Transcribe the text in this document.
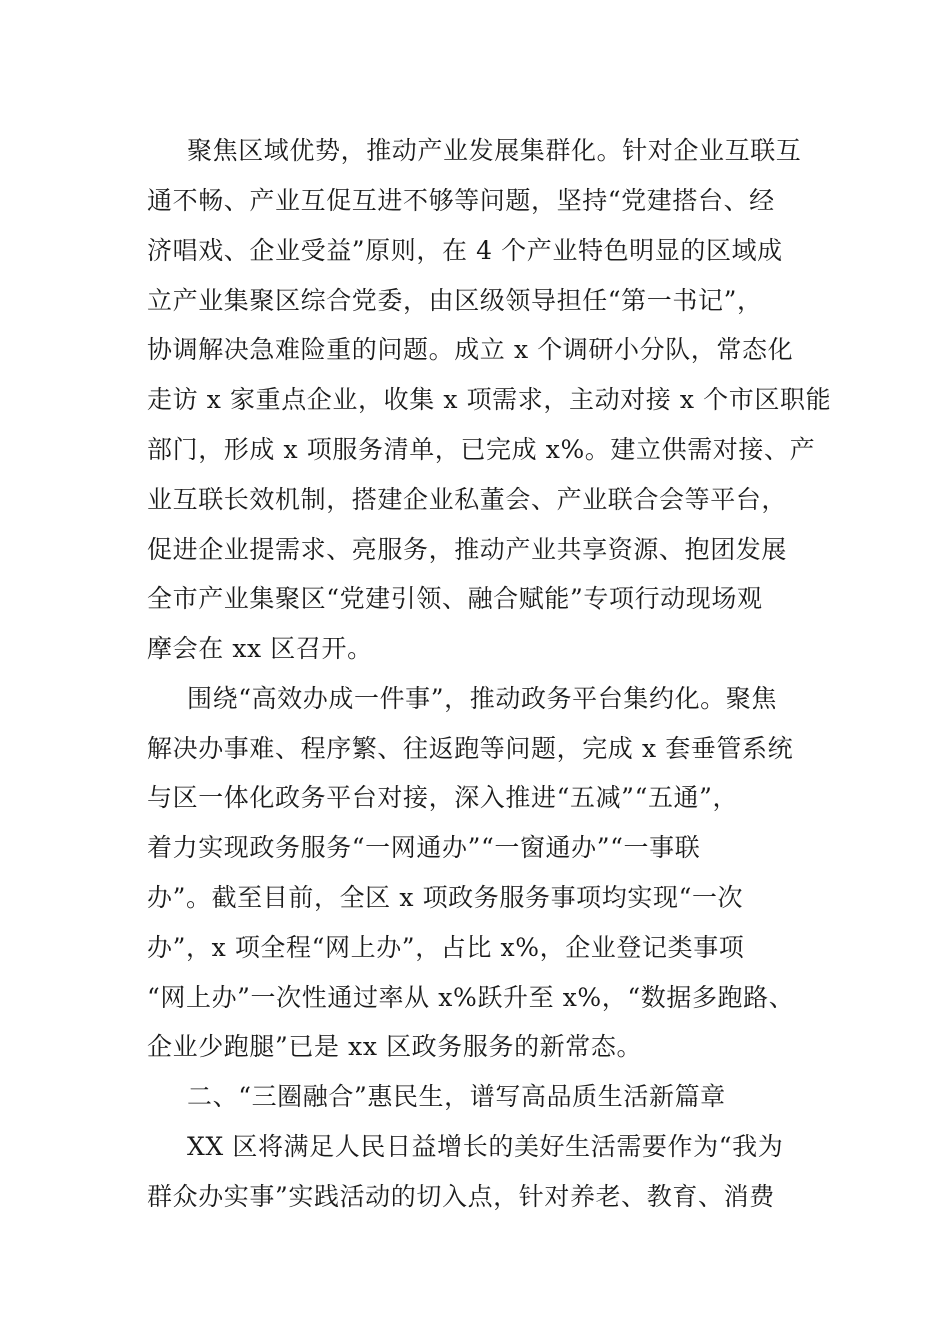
聚焦区域优势，推动产业发展集群化。针对企业互联互
通不畅、产业互促互进不够等问题，坚持“党建搭台、经
济唱戏、企业受益”原则，在 4 个产业特色明显的区域成
立产业集聚区综合党委，由区级领导担任“第一书记”，
协调解决急难险重的问题。成立 x 个调研小分队，常态化
走访 x 家重点企业，收集 x 项需求，主动对接 x 个市区职能
部门，形成 x 项服务清单，已完成 x%。建立供需对接、产
业互联长效机制，搭建企业私董会、产业联合会等平台，
促进企业提需求、亮服务，推动产业共享资源、抱团发展
全市产业集聚区“党建引领、融合赋能”专项行动现场观
摩会在 xx 区召开。
围绕“高效办成一件事”，推动政务平台集约化。聚焦
解决办事难、程序繁、往返跑等问题，完成 x 套垂管系统
与区一体化政务平台对接，深入推进“五减”“五通”，
着力实现政务服务“一网通办”“一窗通办”“一事联
办”。截至目前，全区 x 项政务服务事项均实现“一次
办”，x 项全程“网上办”，占比 x%，企业登记类事项
“网上办”一次性通过率从 x%跃升至 x%，“数据多跑路、
企业少跑腿”已是 xx 区政务服务的新常态。
二、“三圈融合”惠民生，谱写高品质生活新篇章
XX 区将满足人民日益增长的美好生活需要作为“我为
群众办实事”实践活动的切入点，针对养老、教育、消费
